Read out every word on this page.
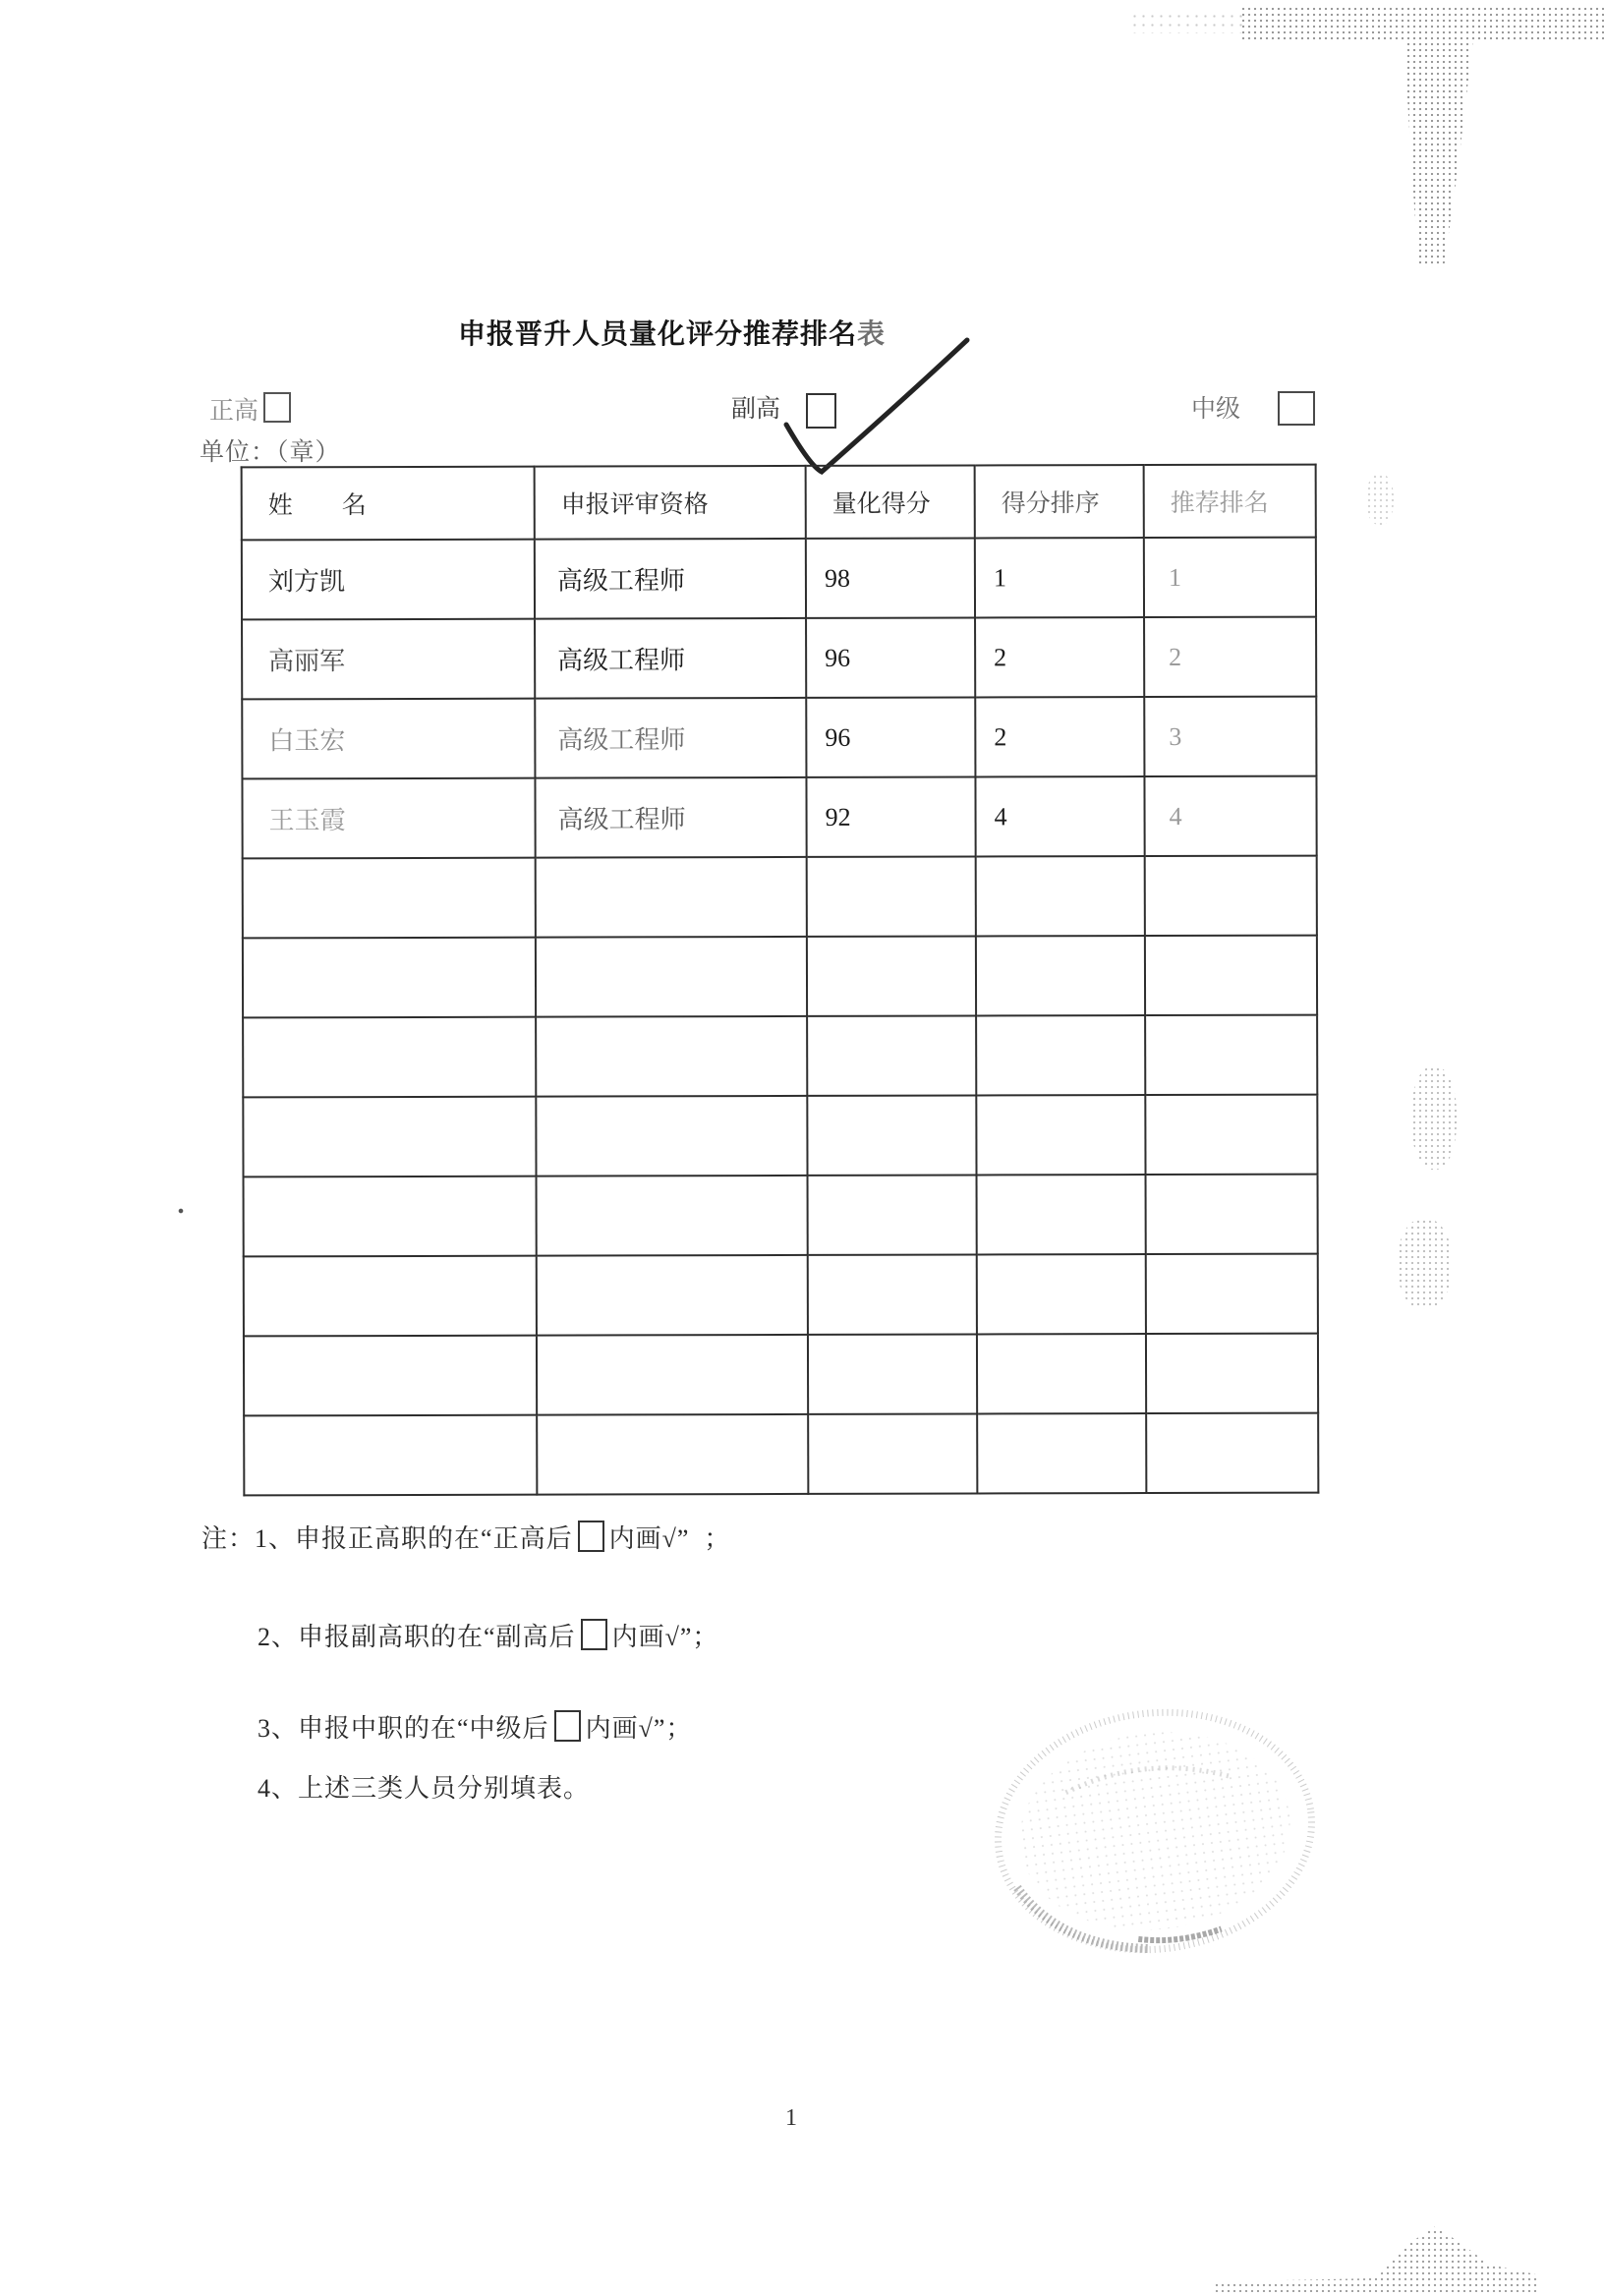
申报晋升人员量化评分推荐排名表
正高	副高	中级
单位：（章）
姓　　名	申报评审资格	量化得分	得分排序	推荐排名
刘方凯	高级工程师	98	1	1
高丽军	高级工程师	96	2	2
白玉宏	高级工程师	96	2	3
王玉霞	高级工程师	92	4	4

注：1、申报正高职的在“正高后 内画√”  ；
2、申报副高职的在“副高后 内画√”；
3、申报中职的在“中级后 内画√”；
4、上述三类人员分别填表。
1
